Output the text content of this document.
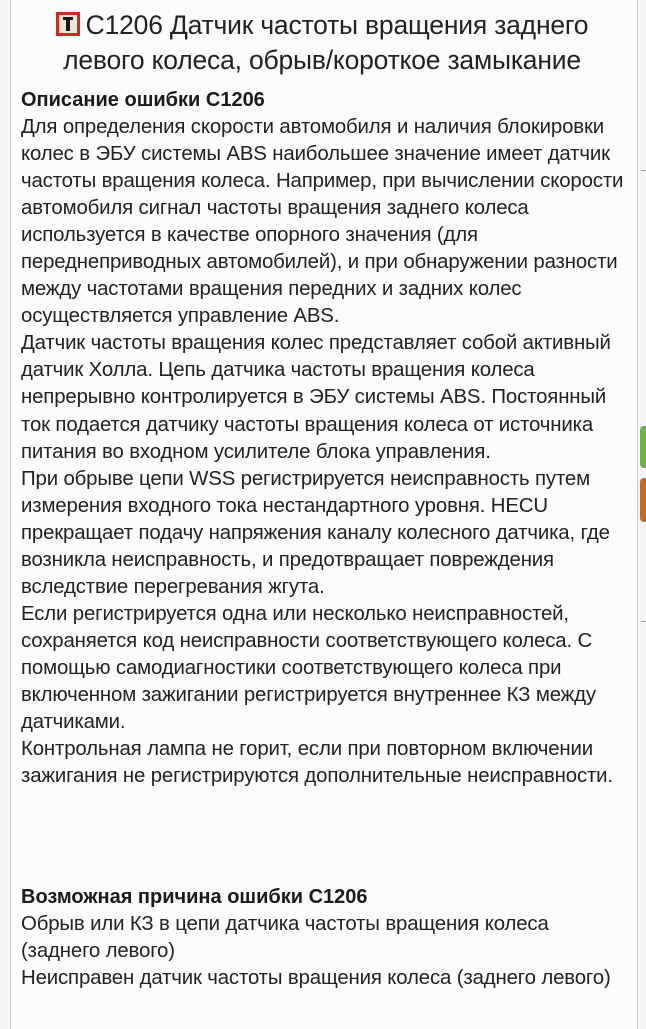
C1206 Датчик частоты вращения заднего левого колеса, обрыв/короткое замыкание
Описание ошибки C1206

Для определения скорости автомобиля и наличия блокировки колес в ЭБУ системы ABS наибольшее значение имеет датчик частоты вращения колеса. Например, при вычислении скорости автомобиля сигнал частоты вращения заднего колеса используется в качестве опорного значения (для переднеприводных автомобилей), и при обнаружении разности между частотами вращения передних и задних колес осуществляется управление ABS.

Датчик частоты вращения колес представляет собой активный датчик Холла. Цепь датчика частоты вращения колеса непрерывно контролируется в ЭБУ системы ABS. Постоянный ток подается датчику частоты вращения колеса от источника питания во входном усилителе блока управления.

При обрыве цепи WSS регистрируется неисправность путем измерения входного тока нестандартного уровня. HECU прекращает подачу напряжения каналу колесного датчика, где возникла неисправность, и предотвращает повреждения вследствие перегревания жгута.

Если регистрируется одна или несколько неисправностей, сохраняется код неисправности соответствующего колеса. С помощью самодиагностики соответствующего колеса при включенном зажигании регистрируется внутреннее КЗ между датчиками.

Контрольная лампа не горит, если при повторном включении зажигания не регистрируются дополнительные неисправности.

Возможная причина ошибки C1206

Обрыв или КЗ в цепи датчика частоты вращения колеса (заднего левого)

Неисправен датчик частоты вращения колеса (заднего левого)
